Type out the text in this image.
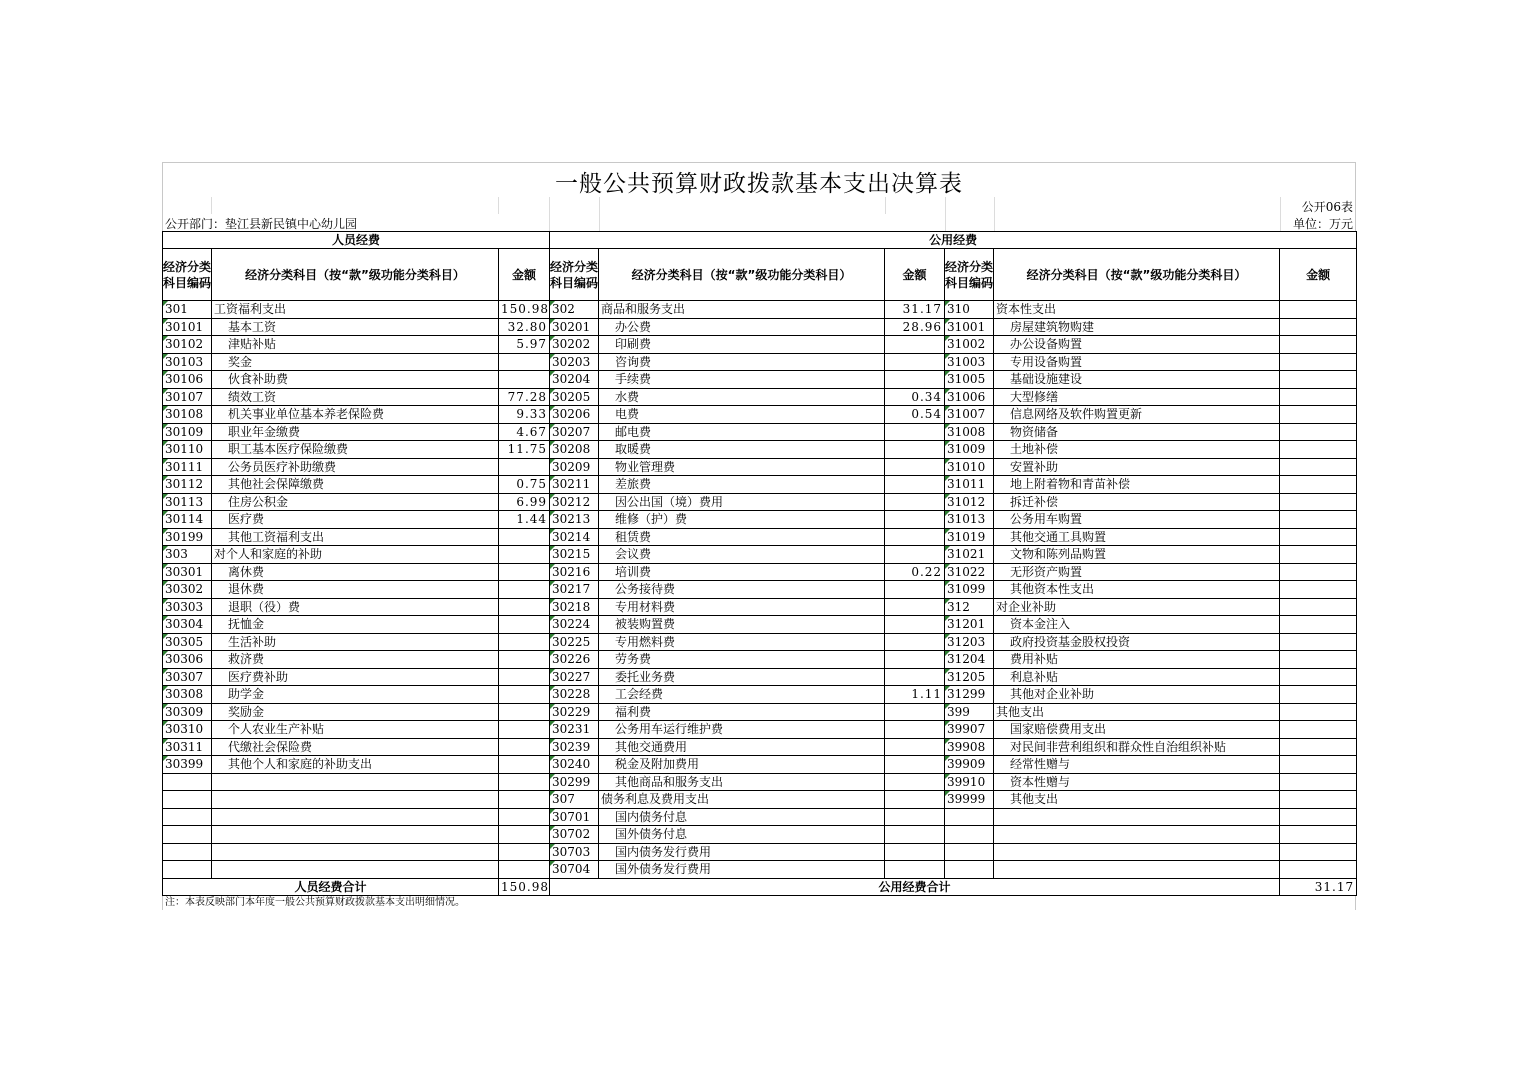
一般公共预算财政拨款基本支出决算表
公开06表
公开部门：垫江县新民镇中心幼儿园	单位：万元
人员经费			公用经费					
经济分类科目编码	经济分类科目（按“款”级功能分类科目）	金额	经济分类科目编码	经济分类科目（按“款”级功能分类科目）	金额	经济分类科目编码	经济分类科目（按“款”级功能分类科目）	金额
301	工资福利支出	150.98	302	商品和服务支出	31.17	310	资本性支出	
30101	基本工资	32.80	30201	办公费	28.96	31001	房屋建筑物购建	
30102	津贴补贴	5.97	30202	印刷费		31002	办公设备购置	
30103	奖金		30203	咨询费		31003	专用设备购置	
30106	伙食补助费		30204	手续费		31005	基础设施建设	
30107	绩效工资	77.28	30205	水费	0.34	31006	大型修缮	
30108	机关事业单位基本养老保险费	9.33	30206	电费	0.54	31007	信息网络及软件购置更新	
30109	职业年金缴费	4.67	30207	邮电费		31008	物资储备	
30110	职工基本医疗保险缴费	11.75	30208	取暖费		31009	土地补偿	
30111	公务员医疗补助缴费		30209	物业管理费		31010	安置补助	
30112	其他社会保障缴费	0.75	30211	差旅费		31011	地上附着物和青苗补偿	
30113	住房公积金	6.99	30212	因公出国（境）费用		31012	拆迁补偿	
30114	医疗费	1.44	30213	维修（护）费		31013	公务用车购置	
30199	其他工资福利支出		30214	租赁费		31019	其他交通工具购置	
303	对个人和家庭的补助		30215	会议费		31021	文物和陈列品购置	
30301	离休费		30216	培训费	0.22	31022	无形资产购置	
30302	退休费		30217	公务接待费		31099	其他资本性支出	
30303	退职（役）费		30218	专用材料费		312	对企业补助	
30304	抚恤金		30224	被装购置费		31201	资本金注入	
30305	生活补助		30225	专用燃料费		31203	政府投资基金股权投资	
30306	救济费		30226	劳务费		31204	费用补贴	
30307	医疗费补助		30227	委托业务费		31205	利息补贴	
30308	助学金		30228	工会经费	1.11	31299	其他对企业补助	
30309	奖励金		30229	福利费		399	其他支出	
30310	个人农业生产补贴		30231	公务用车运行维护费		39907	国家赔偿费用支出	
30311	代缴社会保险费		30239	其他交通费用		39908	对民间非营利组织和群众性自治组织补贴	
30399	其他个人和家庭的补助支出		30240	税金及附加费用		39909	经常性赠与	
			30299	其他商品和服务支出		39910	资本性赠与	
			307	债务利息及费用支出		39999	其他支出	
			30701	国内债务付息				
			30702	国外债务付息				
			30703	国内债务发行费用				
			30704	国外债务发行费用				
人员经费合计		150.98	公用经费合计					31.17
注：本表反映部门本年度一般公共预算财政拨款基本支出明细情况。
